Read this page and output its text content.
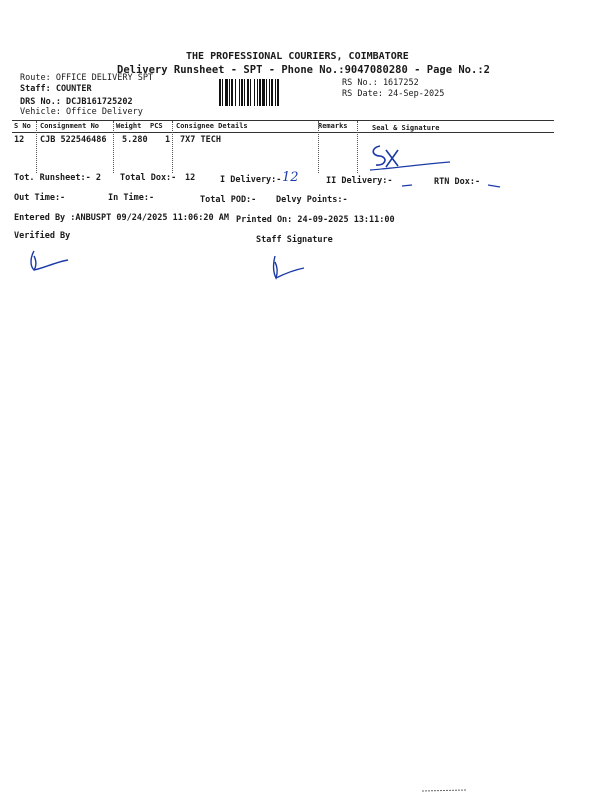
THE PROFESSIONAL COURIERS, COIMBATORE
Delivery Runsheet - SPT - Phone No.:9047080280 - Page No.:2
Route: OFFICE DELIVERY SPT
Staff: COUNTER
DRS No.: DCJB161725202
Vehicle: Office Delivery
RS No.: 1617252
RS Date: 24-Sep-2025
S No Consignment No Weight PCS Consignee Details	Remarks	Seal & Signature
12 CJB 522546486 5.280 1 7X7 TECH
Tot. Runsheet:- 2 Total Dox:- 12	I Delivery:- 12	II Delivery:-	RTN Dox:-
Out Time:-	In Time:-	Total POD:- Delvy Points:-
Entered By :ANBUSPT 09/24/2025 11:06:20 AM Printed On: 24-09-2025 13:11:00
Verified By	Staff Signature
